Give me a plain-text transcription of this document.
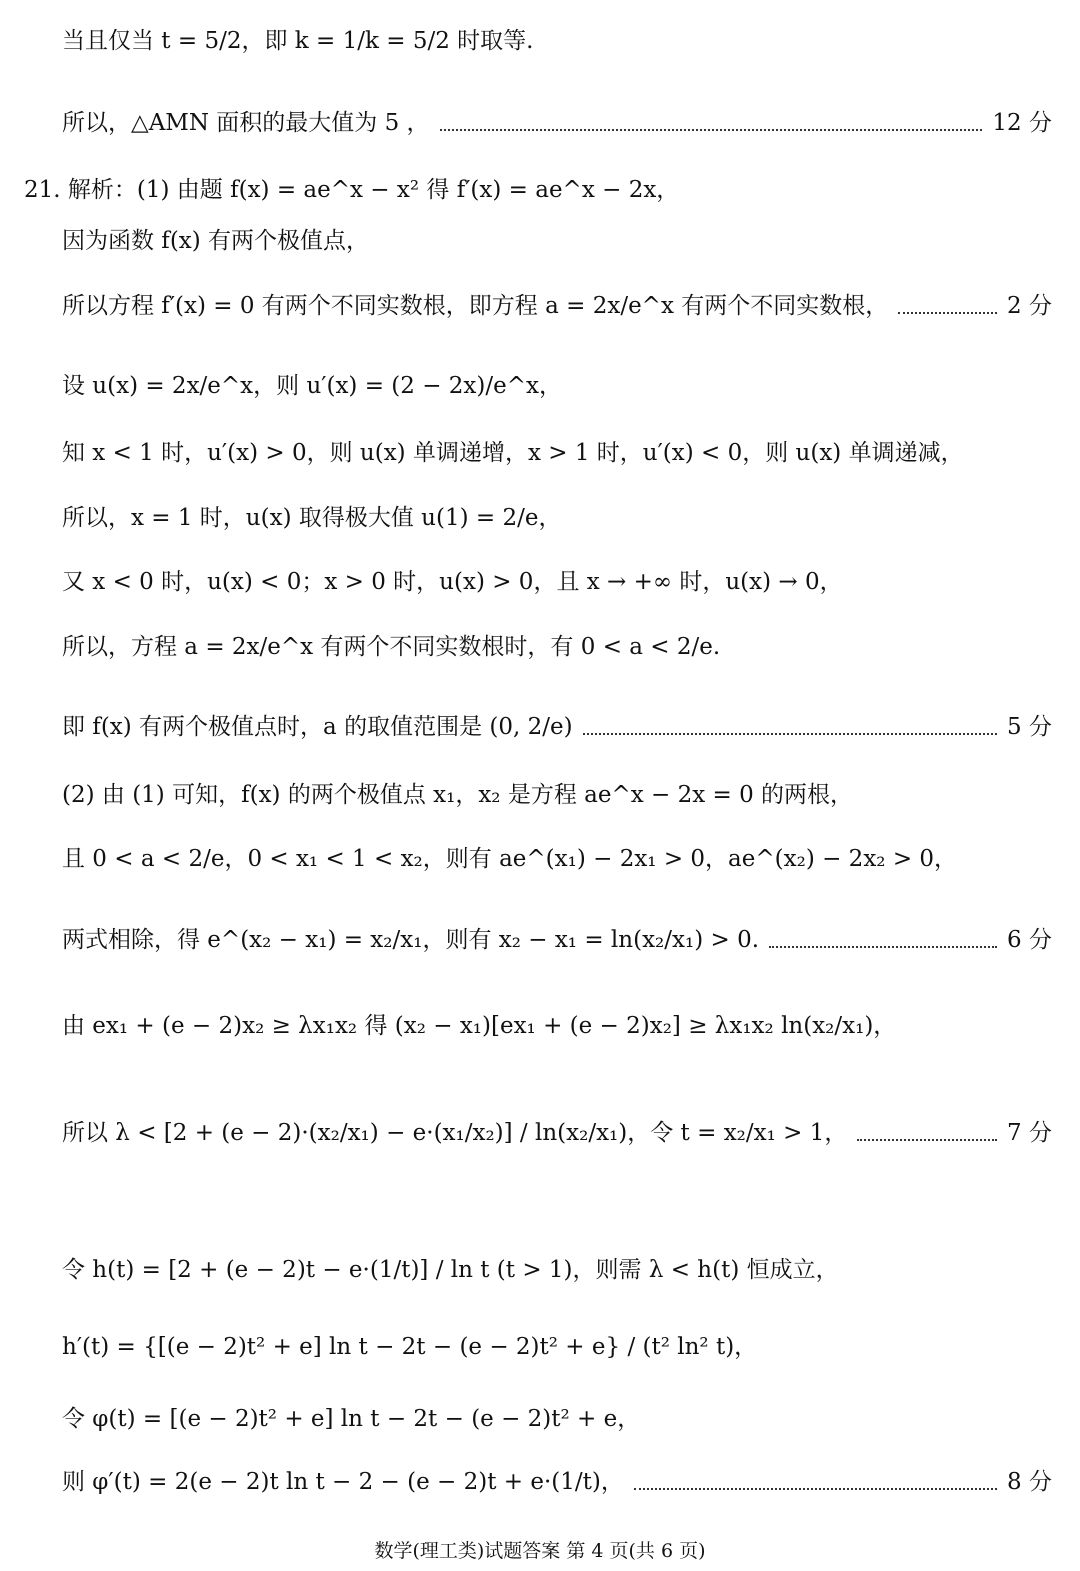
当且仅当 t = 5/2，即 k = 1/k = 5/2 时取等.
所以，△AMN 面积的最大值为 5 ，	12 分
21. 解析：(1) 由题 f(x) = ae^x − x² 得 f′(x) = ae^x − 2x，
因为函数 f(x) 有两个极值点，
所以方程 f′(x) = 0 有两个不同实数根，即方程 a = 2x/e^x 有两个不同实数根，	2 分
设 u(x) = 2x/e^x，则 u′(x) = (2 − 2x)/e^x，
知 x < 1 时，u′(x) > 0，则 u(x) 单调递增，x > 1 时，u′(x) < 0，则 u(x) 单调递减，
所以，x = 1 时，u(x) 取得极大值 u(1) = 2/e，
又 x < 0 时，u(x) < 0；x > 0 时，u(x) > 0，且 x → +∞ 时，u(x) → 0，
所以，方程 a = 2x/e^x 有两个不同实数根时，有 0 < a < 2/e.
即 f(x) 有两个极值点时，a 的取值范围是 (0, 2/e)	5 分
(2) 由 (1) 可知，f(x) 的两个极值点 x₁，x₂ 是方程 ae^x − 2x = 0 的两根，
且 0 < a < 2/e，0 < x₁ < 1 < x₂，则有 ae^(x₁) − 2x₁ > 0，ae^(x₂) − 2x₂ > 0，
两式相除，得 e^(x₂ − x₁) = x₂/x₁，则有 x₂ − x₁ = ln(x₂/x₁) > 0.	6 分
由 ex₁ + (e − 2)x₂ ≥ λx₁x₂ 得 (x₂ − x₁)[ex₁ + (e − 2)x₂] ≥ λx₁x₂ ln(x₂/x₁)，
所以 λ < [2 + (e − 2)·(x₂/x₁) − e·(x₁/x₂)] / ln(x₂/x₁)，令 t = x₂/x₁ > 1，	7 分
令 h(t) = [2 + (e − 2)t − e·(1/t)] / ln t (t > 1)，则需 λ < h(t) 恒成立，
h′(t) = {[(e − 2)t² + e] ln t − 2t − (e − 2)t² + e} / (t² ln² t)，
令 φ(t) = [(e − 2)t² + e] ln t − 2t − (e − 2)t² + e，
则 φ′(t) = 2(e − 2)t ln t − 2 − (e − 2)t + e·(1/t)，	8 分
数学(理工类)试题答案 第 4 页(共 6 页)
